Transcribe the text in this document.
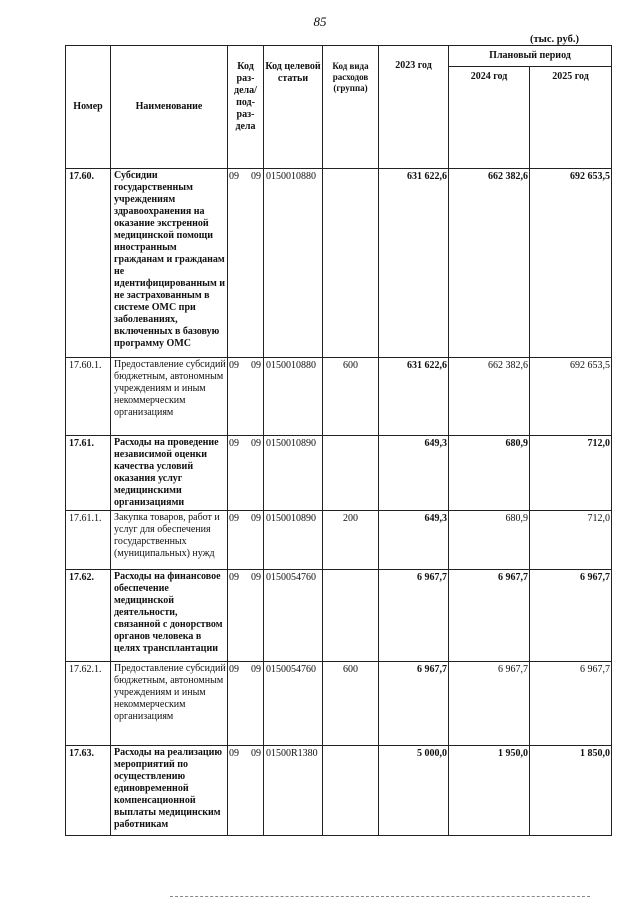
85
(тыс. руб.)
Номер	Наименование	Код раз-дела/ под-раз-дела	Код целевой статьи	Код вида расходов (группа)	2023 год	Плановый период	
						2024 год	2025 год
17.60.	Субсидии государственным учреждениям здравоохранения на оказание экстренной медицинской помощи иностранным гражданам и гражданам не идентифицированным и не застрахованным в системе ОМС при заболеваниях, включенных в базовую программу ОМС	09 09	0150010880		631 622,6	662 382,6	692 653,5
17.60.1.	Предоставление субсидий бюджетным, автономным учреждениям и иным некоммерческим организациям	09 09	0150010880	600	631 622,6	662 382,6	692 653,5
17.61.	Расходы на проведение независимой оценки качества условий оказания услуг медицинскими организациями	09 09	0150010890		649,3	680,9	712,0
17.61.1.	Закупка товаров, работ и услуг для обеспечения государственных (муниципальных) нужд	09 09	0150010890	200	649,3	680,9	712,0
17.62.	Расходы на финансовое обеспечение медицинской деятельности, связанной с донорством органов человека в целях трансплантации	09 09	0150054760		6 967,7	6 967,7	6 967,7
17.62.1.	Предоставление субсидий бюджетным, автономным учреждениям и иным некоммерческим организациям	09 09	0150054760	600	6 967,7	6 967,7	6 967,7
17.63.	Расходы на реализацию мероприятий по осуществлению единовременной компенсационной выплаты медицинским работникам	09 09	01500R1380		5 000,0	1 950,0	1 850,0
